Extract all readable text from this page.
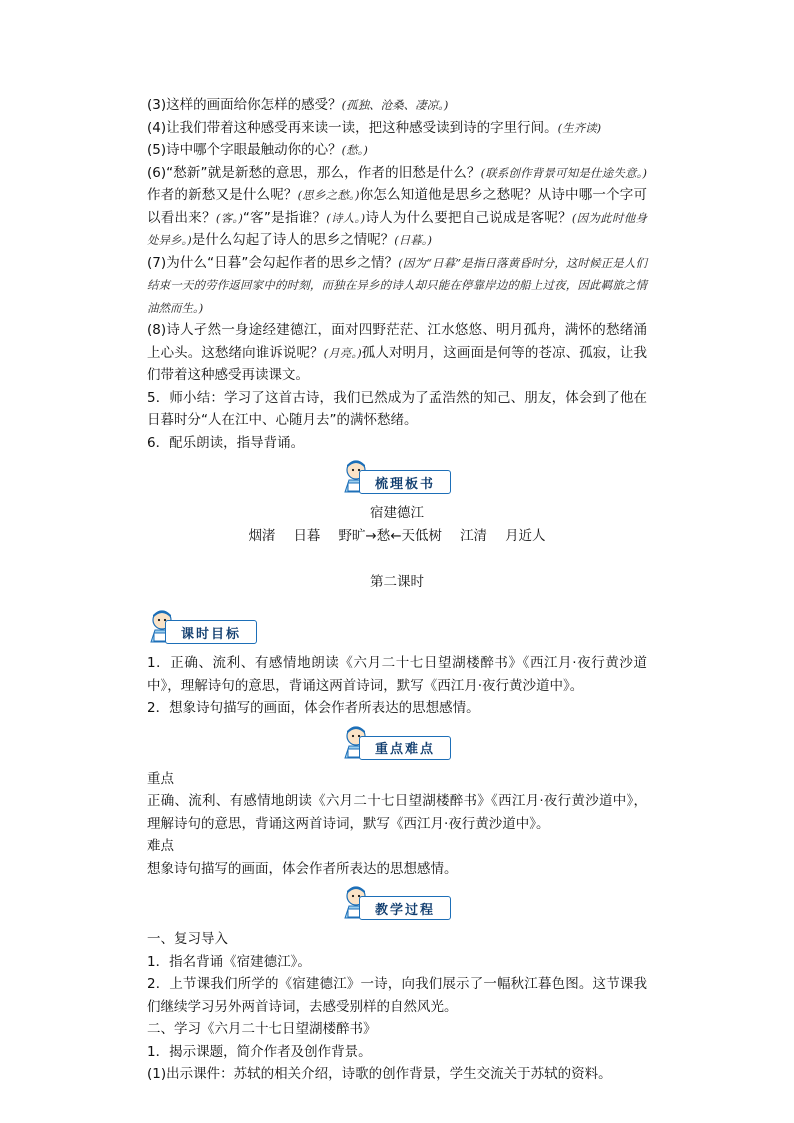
(3)这样的画面给你怎样的感受？(孤独、沧桑、凄凉。)

(4)让我们带着这种感受再来读一读，把这种感受读到诗的字里行间。(生齐读)

(5)诗中哪个字眼最触动你的心？(愁。)

(6)“愁新”就是新愁的意思，那么，作者的旧愁是什么？(联系创作背景可知是仕途失意。)作者的新愁又是什么呢？(思乡之愁。)你怎么知道他是思乡之愁呢？从诗中哪一个字可以看出来？(客。)“客”是指谁？(诗人。)诗人为什么要把自己说成是客呢？(因为此时他身处异乡。)是什么勾起了诗人的思乡之情呢？(日暮。)

(7)为什么“日暮”会勾起作者的思乡之情？(因为“日暮”是指日落黄昏时分，这时候正是人们结束一天的劳作返回家中的时刻，而独在异乡的诗人却只能在停靠岸边的船上过夜，因此羁旅之情油然而生。)

(8)诗人孑然一身途经建德江，面对四野茫茫、江水悠悠、明月孤舟，满怀的愁绪涌上心头。这愁绪向谁诉说呢？(月亮。)孤人对明月，这画面是何等的苍凉、孤寂，让我们带着这种感受再读课文。

5．师小结：学习了这首古诗，我们已然成为了孟浩然的知己、朋友，体会到了他在日暮时分“人在江中、心随月去”的满怀愁绪。

6．配乐朗读，指导背诵。

梳理板书
宿建德江
烟渚 日暮 野旷→愁←天低树 江清 月近人
第二课时
课时目标

1．正确、流利、有感情地朗读《六月二十七日望湖楼醉书》《西江月·夜行黄沙道中》，理解诗句的意思，背诵这两首诗词，默写《西江月·夜行黄沙道中》。

2．想象诗句描写的画面，体会作者所表达的思想感情。

重点难点

重点

正确、流利、有感情地朗读《六月二十七日望湖楼醉书》《西江月·夜行黄沙道中》，理解诗句的意思，背诵这两首诗词，默写《西江月·夜行黄沙道中》。

难点

想象诗句描写的画面，体会作者所表达的思想感情。

教学过程

一、复习导入

1．指名背诵《宿建德江》。

2．上节课我们所学的《宿建德江》一诗，向我们展示了一幅秋江暮色图。这节课我们继续学习另外两首诗词，去感受别样的自然风光。

二、学习《六月二十七日望湖楼醉书》

1．揭示课题，简介作者及创作背景。

(1)出示课件：苏轼的相关介绍，诗歌的创作背景，学生交流关于苏轼的资料。
